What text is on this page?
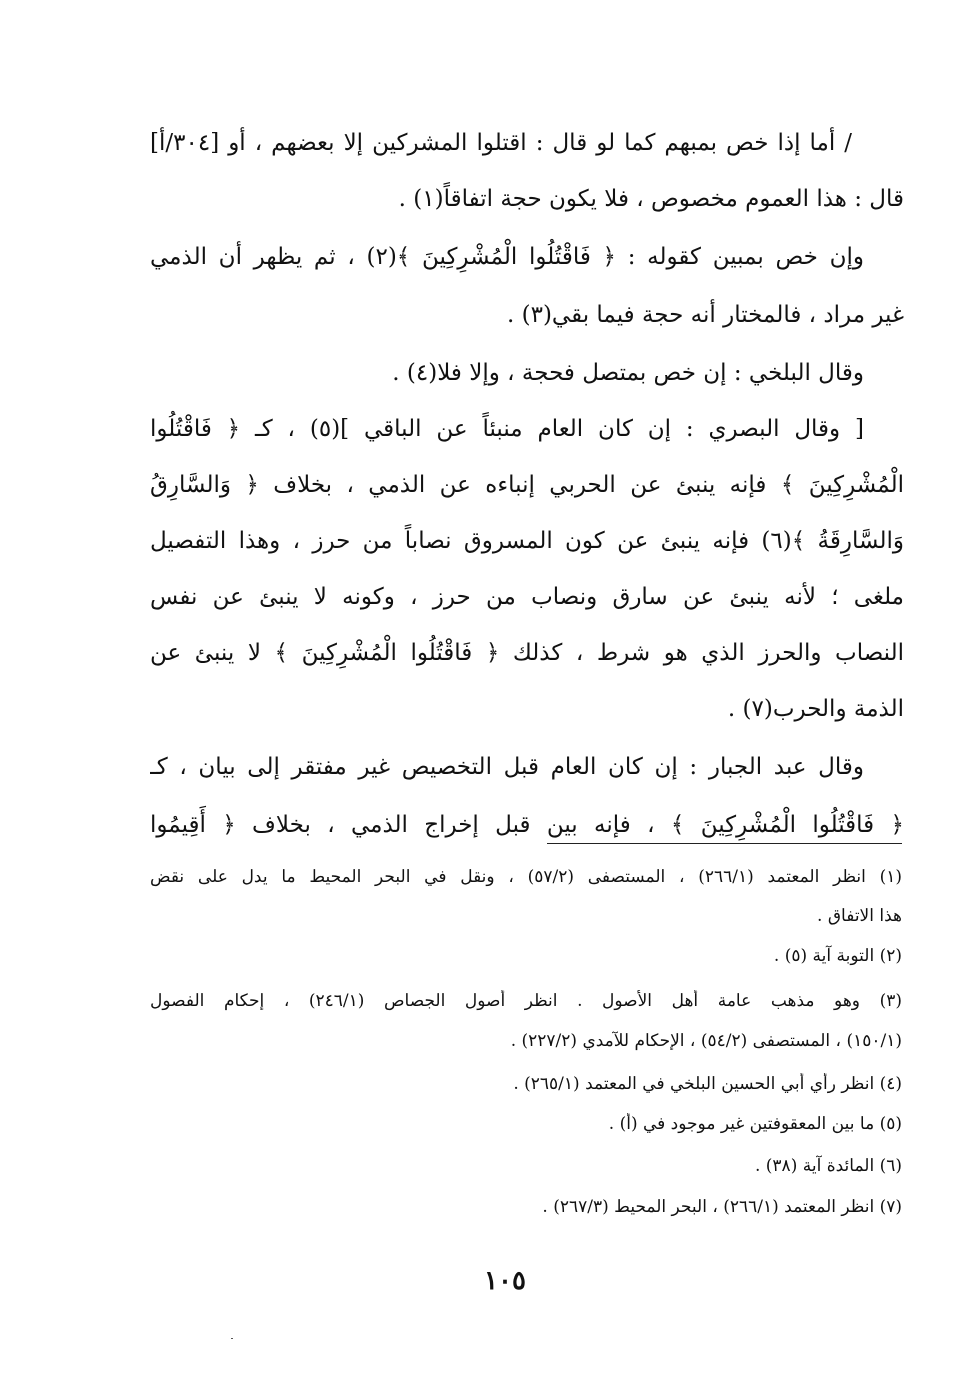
/ أما إذا خص بمبهم كما لو قال : اقتلوا المشركين إلا بعضهم ، أو [٣٠٤/أ]
قال : هذا العموم مخصوص ، فلا يكون حجة اتفاقاً(١) .
وإن خص بمبين كقوله : ﴿ فَاقْتُلُوا الْمُشْرِكِينَ ﴾(٢) ، ثم يظهر أن الذمي
غير مراد ، فالمختار أنه حجة فيما بقي(٣) .
وقال البلخي : إن خص بمتصل فحجة ، وإلا فلا(٤) .
[ وقال البصري : إن كان العام منبئاً عن الباقي ](٥) ، كـ ﴿ فَاقْتُلُوا
الْمُشْرِكِينَ ﴾ فإنه ينبئ عن الحربي إنباءه عن الذمي ، بخلاف ﴿ وَالسَّارِقُ
وَالسَّارِقَةُ ﴾(٦) فإنه ينبئ عن كون المسروق نصاباً من حرز ، وهذا التفصيل
ملغى ؛ لأنه ينبئ عن سارق ونصاب من حرز ، وكونه لا ينبئ عن نفس
النصاب والحرز الذي هو شرط ، كذلك ﴿ فَاقْتُلُوا الْمُشْرِكِينَ ﴾ لا ينبئ عن
الذمة والحرب(٧) .
وقال عبد الجبار : إن كان العام قبل التخصيص غير مفتقر إلى بيان ، كـ
﴿ فَاقْتُلُوا الْمُشْرِكِينَ ﴾ ، فإنه بين قبل إخراج الذمي ، بخلاف ﴿ أَقِيمُوا
(١) انظر المعتمد (٢٦٦/١) ، المستصفى (٥٧/٢) ، ونقل في البحر المحيط ما يدل على نقض
هذا الاتفاق .
(٢) التوبة آية (٥) .
(٣) وهو مذهب عامة أهل الأصول . انظر أصول الجصاص (٢٤٦/١) ، إحكام الفصول
(١٥٠/١) ، المستصفى (٥٤/٢) ، الإحكام للآمدي (٢٢٧/٢) .
(٤) انظر رأي أبي الحسين البلخي في المعتمد (٢٦٥/١) .
(٥) ما بين المعقوفتين غير موجود في (أ) .
(٦) المائدة آية (٣٨) .
(٧) انظر المعتمد (٢٦٦/١) ، البحر المحيط (٢٦٧/٣) .
١٠٥
